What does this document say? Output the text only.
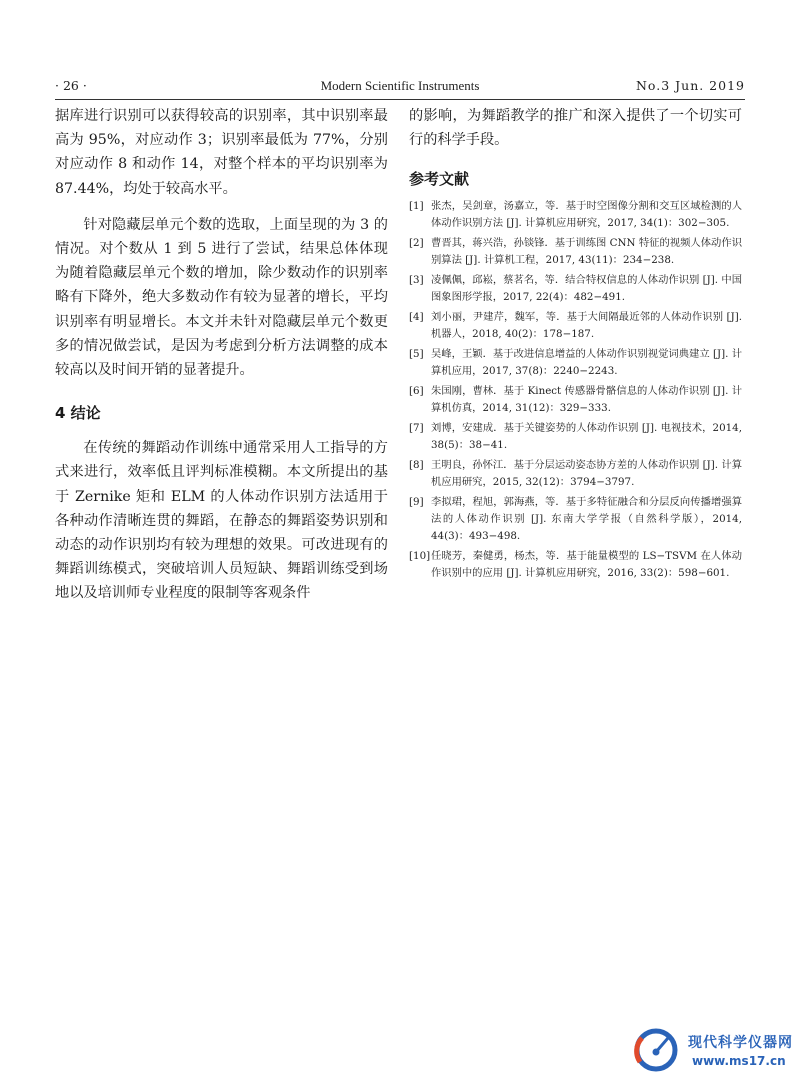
· 26 ·	Modern Scientific Instruments	No.3 Jun. 2019

据库进行识别可以获得较高的识别率，其中识别率最高为 95%，对应动作 3；识别率最低为 77%，分别对应动作 8 和动作 14，对整个样本的平均识别率为 87.44%，均处于较高水平。

针对隐藏层单元个数的选取，上面呈现的为 3 的情况。对个数从 1 到 5 进行了尝试，结果总体体现为随着隐藏层单元个数的增加，除少数动作的识别率略有下降外，绝大多数动作有较为显著的增长，平均识别率有明显增长。本文并未针对隐藏层单元个数更多的情况做尝试，是因为考虑到分析方法调整的成本较高以及时间开销的显著提升。

4 结论

在传统的舞蹈动作训练中通常采用人工指导的方式来进行，效率低且评判标准模糊。本文所提出的基于 Zernike 矩和 ELM 的人体动作识别方法适用于各种动作清晰连贯的舞蹈，在静态的舞蹈姿势识别和动态的动作识别均有较为理想的效果。可改进现有的舞蹈训练模式，突破培训人员短缺、舞蹈训练受到场地以及培训师专业程度的限制等客观条件

的影响，为舞蹈教学的推广和深入提供了一个切实可行的科学手段。

参考文献
[1] 张杰，吴剑章，汤嘉立，等．基于时空图像分割和交互区域检测的人体动作识别方法 [J]. 计算机应用研究，2017, 34(1)：302−305.
[2] 曹晋其，蒋兴浩，孙锬锋．基于训练图 CNN 特征的视频人体动作识别算法 [J]. 计算机工程，2017, 43(11)：234−238.
[3] 凌佩佩，邱崧，蔡茗名，等．结合特权信息的人体动作识别 [J]. 中国图象图形学报，2017, 22(4)：482−491.
[4] 刘小丽，尹建芹，魏军，等．基于大间隔最近邻的人体动作识别 [J]. 机器人，2018, 40(2)：178−187.
[5] 吴峰，王颖．基于改进信息增益的人体动作识别视觉词典建立 [J]. 计算机应用，2017, 37(8)：2240−2243.
[6] 朱国刚，曹林．基于 Kinect 传感器骨骼信息的人体动作识别 [J]. 计算机仿真，2014, 31(12)：329−333.
[7] 刘博，安建成．基于关键姿势的人体动作识别 [J]. 电视技术，2014, 38(5)：38−41.
[8] 王明良，孙怀江．基于分层运动姿态协方差的人体动作识别 [J]. 计算机应用研究，2015, 32(12)：3794−3797.
[9] 李拟珺，程旭，郭海燕，等．基于多特征融合和分层反向传播增强算法的人体动作识别 [J]. 东南大学学报（自然科学版），2014, 44(3)：493−498.
[10] 任晓芳，秦健勇，杨杰，等．基于能量模型的 LS−TSVM 在人体动作识别中的应用 [J]. 计算机应用研究，2016, 33(2)：598−601.
现代科学仪器网
www.ms17.cn
